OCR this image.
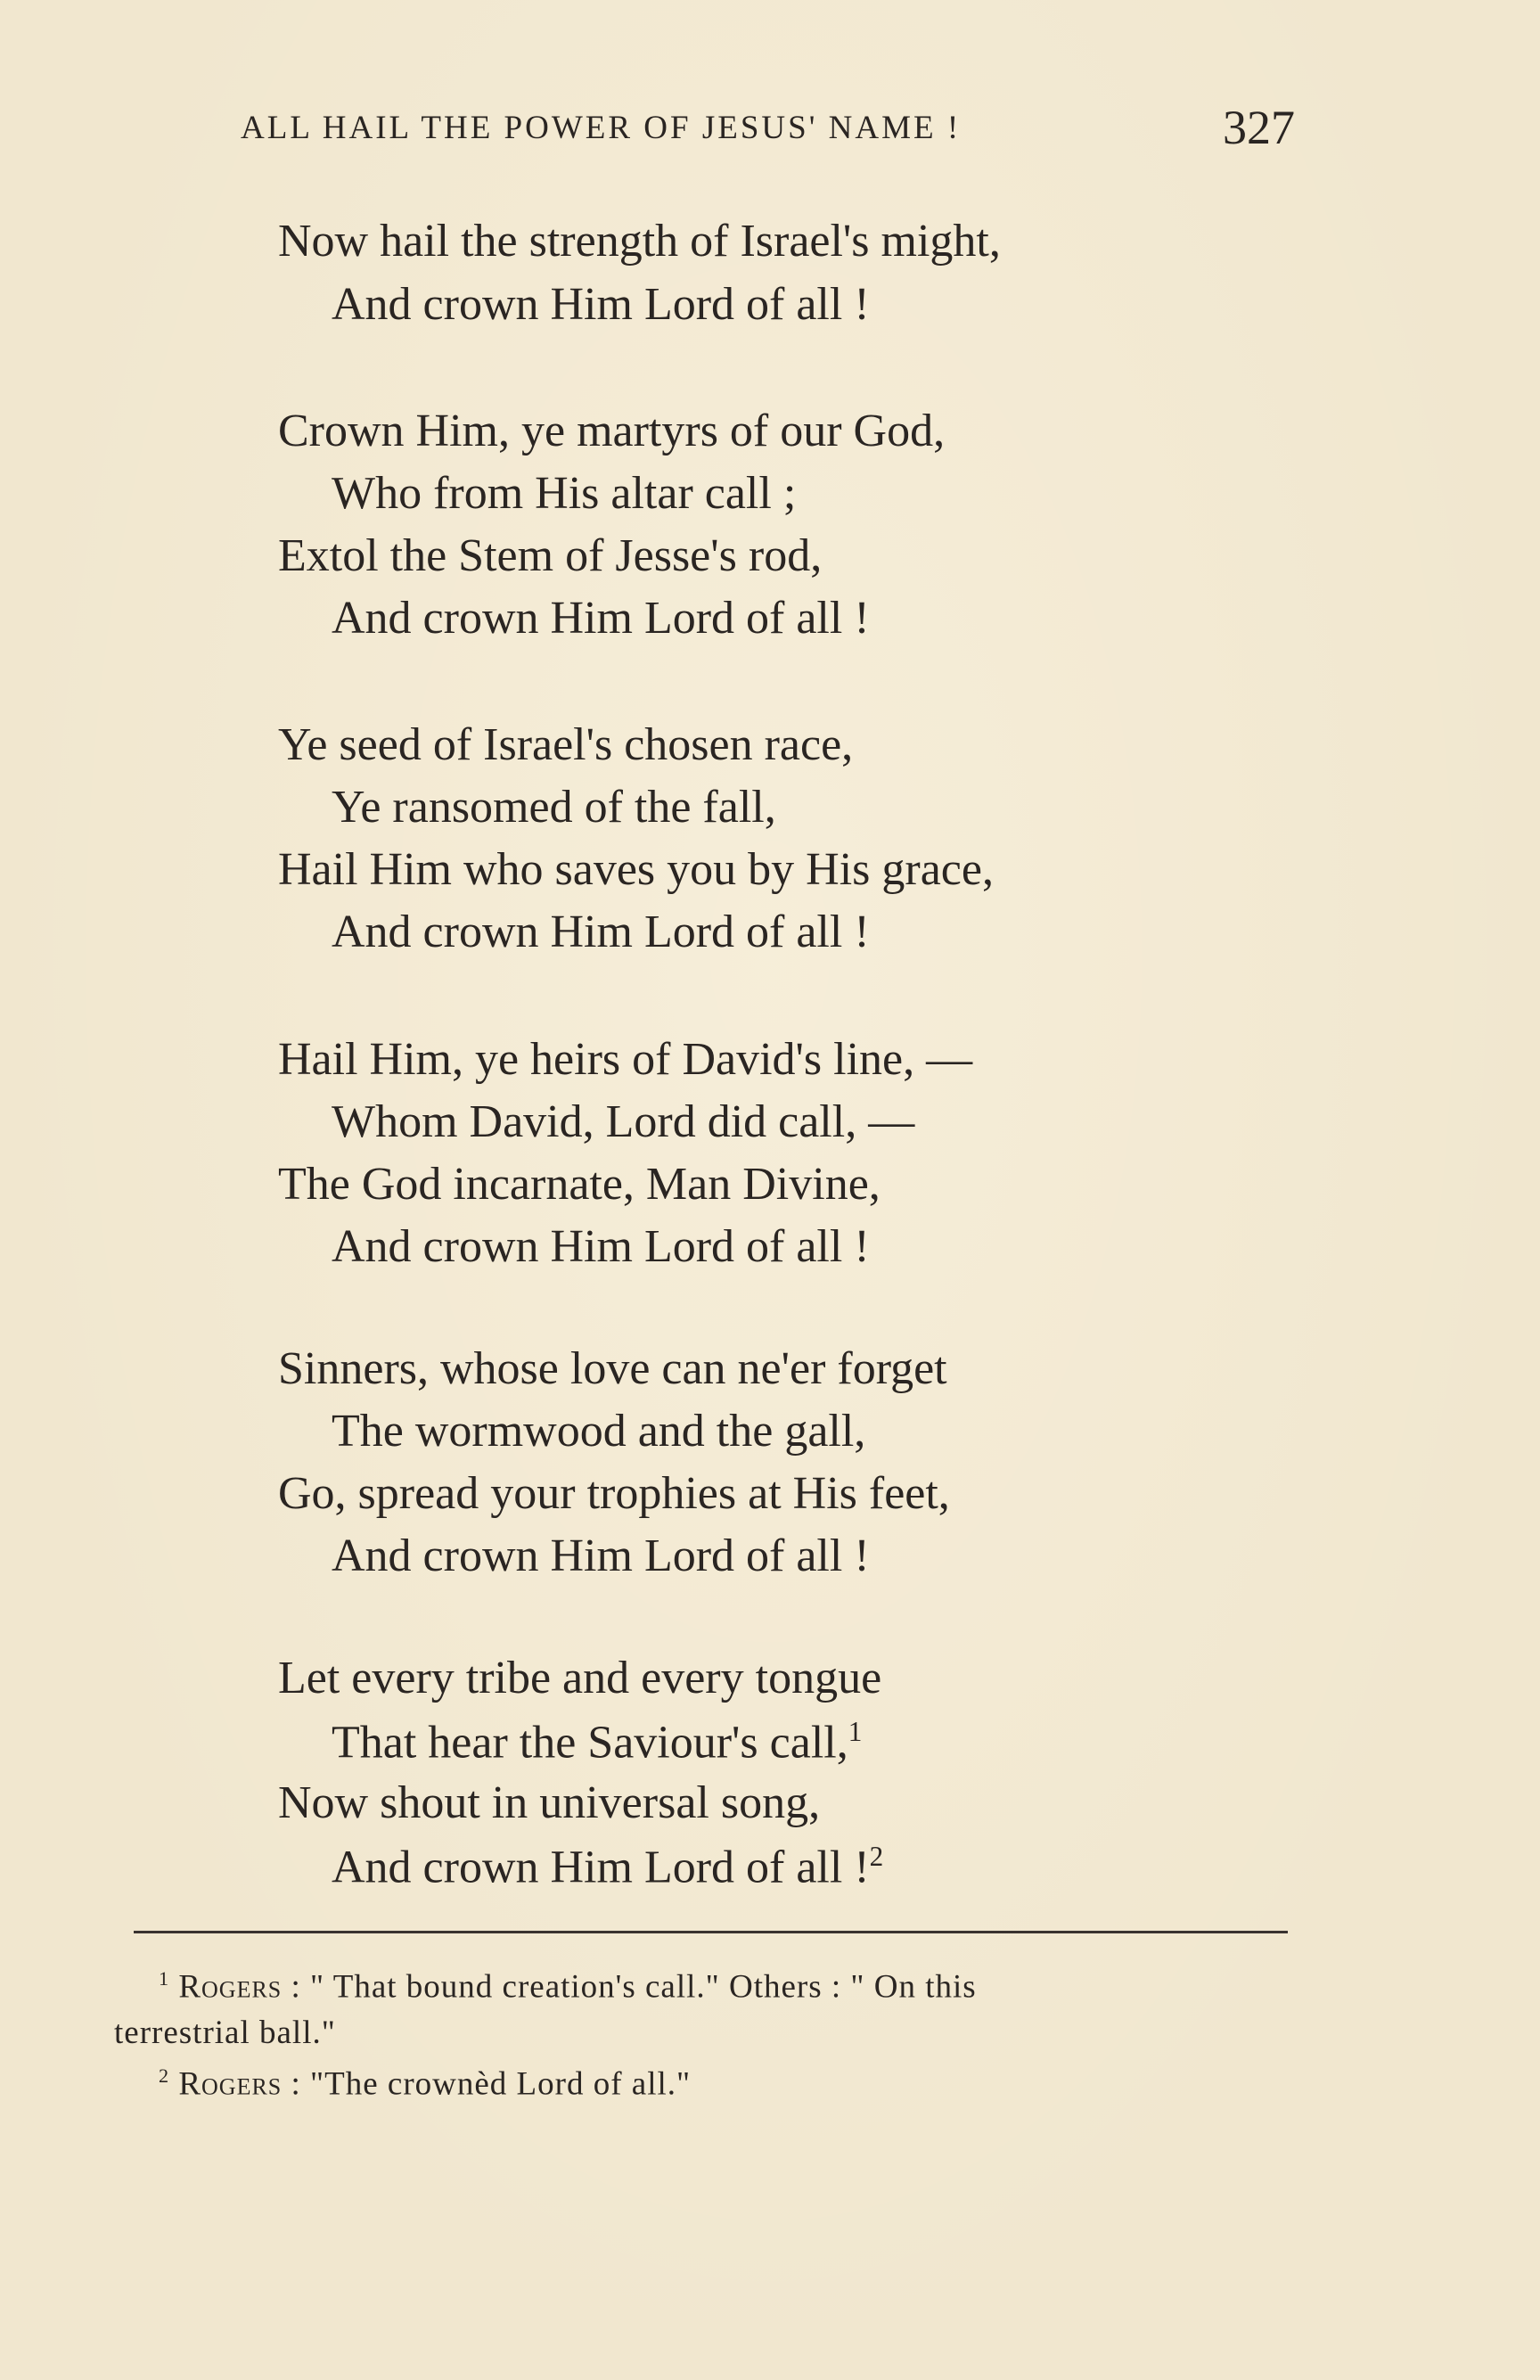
ALL HAIL THE POWER OF JESUS' NAME !	327
Now hail the strength of Israel's might,
And crown Him Lord of all !
Crown Him, ye martyrs of our God,
Who from His altar call ;
Extol the Stem of Jesse's rod,
And crown Him Lord of all !
Ye seed of Israel's chosen race,
Ye ransomed of the fall,
Hail Him who saves you by His grace,
And crown Him Lord of all !
Hail Him, ye heirs of David's line, —
Whom David, Lord did call, —
The God incarnate, Man Divine,
And crown Him Lord of all !
Sinners, whose love can ne'er forget
The wormwood and the gall,
Go, spread your trophies at His feet,
And crown Him Lord of all !
Let every tribe and every tongue
That hear the Saviour's call,$^1$
Now shout in universal song,
And crown Him Lord of all !$^2$
$^1$ Rogers : " That bound creation's call." Others : " On this
terrestrial ball."
$^2$ Rogers : "The crownèd Lord of all."
